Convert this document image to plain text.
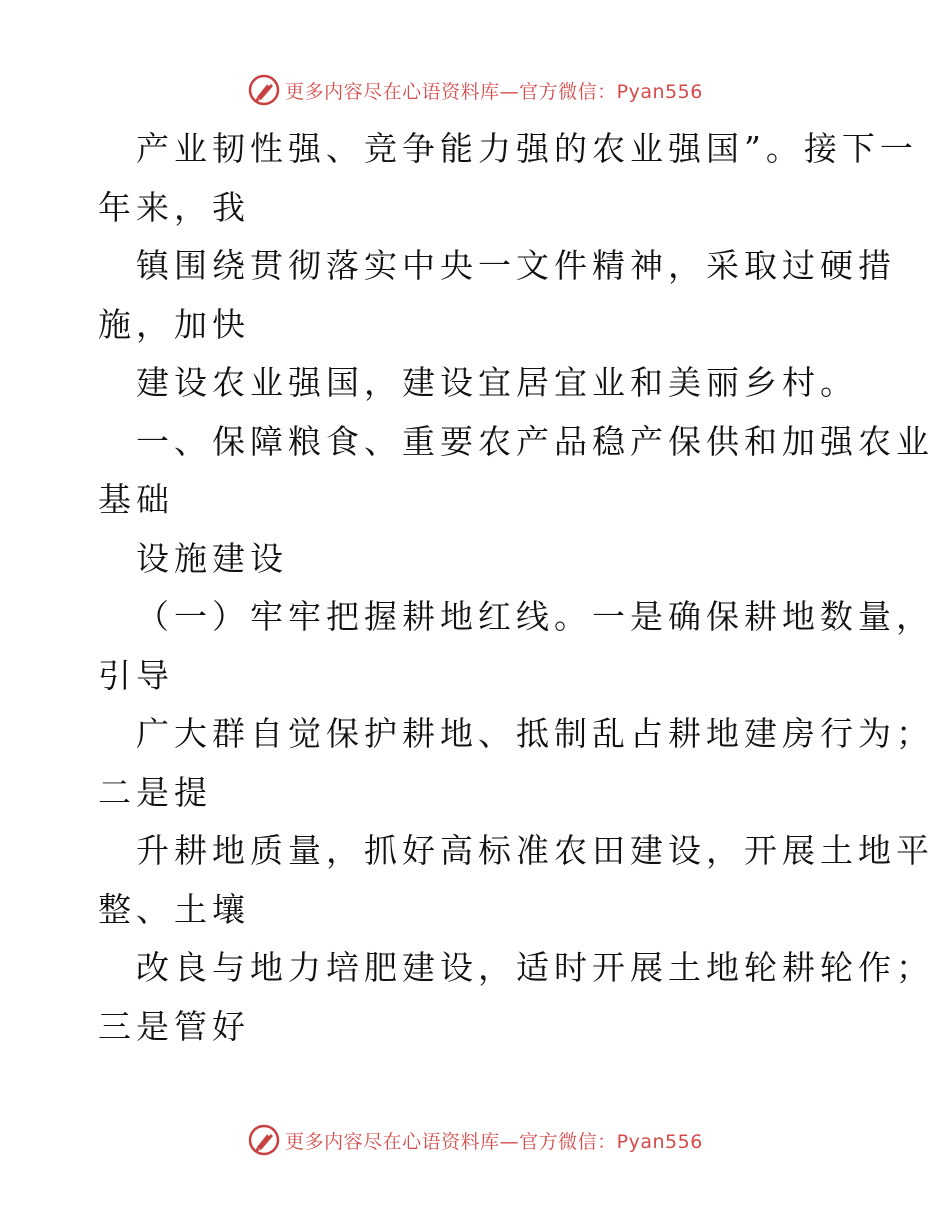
更多内容尽在心语资料库—官方微信：Pyan556

产业韧性强、竞争能力强的农业强国”。接下一

年来，我

镇围绕贯彻落实中央一文件精神，采取过硬措

施，加快

建设农业强国，建设宜居宜业和美丽乡村。

一、保障粮食、重要农产品稳产保供和加强农业

基础

设施建设

（一）牢牢把握耕地红线。一是确保耕地数量，

引导

广大群自觉保护耕地、抵制乱占耕地建房行为；

二是提

升耕地质量，抓好高标准农田建设，开展土地平

整、土壤

改良与地力培肥建设，适时开展土地轮耕轮作；

三是管好

更多内容尽在心语资料库—官方微信：Pyan556
